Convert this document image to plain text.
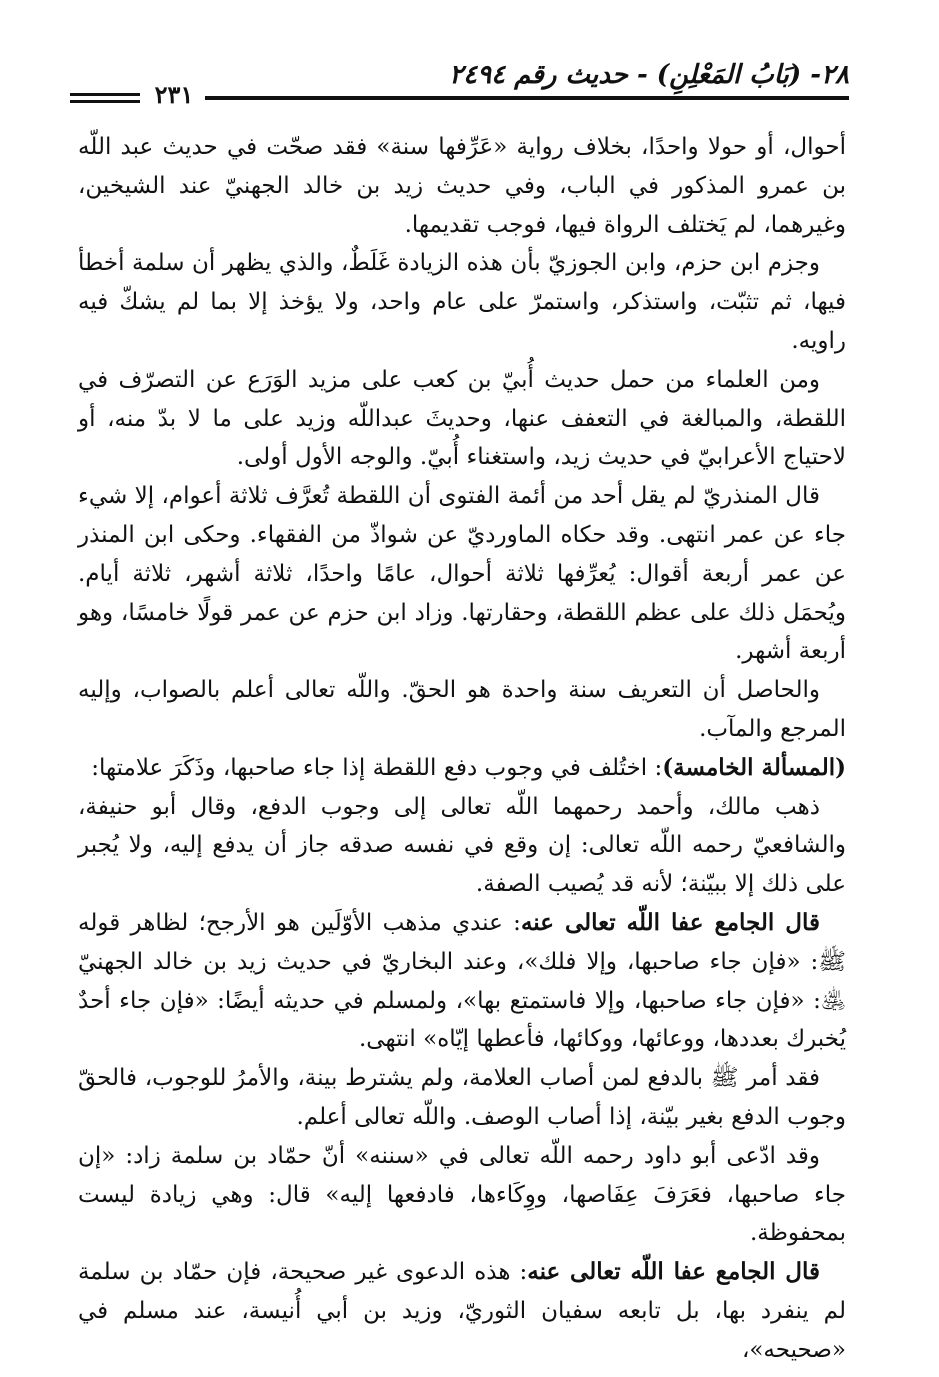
٢٨- (بَابُ المَعْلِنِ) - حديث رقم ٢٤٩٤
٢٣١

أحوال، أو حولا واحدًا، بخلاف رواية «عَرِّفها سنة» فقد صحّت في حديث عبد اللّه بن عمرو المذكور في الباب، وفي حديث زيد بن خالد الجهنيّ عند الشيخين، وغيرهما، لم يَختلف الرواة فيها، فوجب تقديمها.

وجزم ابن حزم، وابن الجوزيّ بأن هذه الزيادة غَلَطٌ، والذي يظهر أن سلمة أخطأ فيها، ثم تثبّت، واستذكر، واستمرّ على عام واحد، ولا يؤخذ إلا بما لم يشكّ فيه راويه.

ومن العلماء من حمل حديث أُبيّ بن كعب على مزيد الوَرَع عن التصرّف في اللقطة، والمبالغة في التعفف عنها، وحديثَ عبداللّه وزيد على ما لا بدّ منه، أو لاحتياج الأعرابيّ في حديث زيد، واستغناء أُبيّ. والوجه الأول أولى.

قال المنذريّ لم يقل أحد من أئمة الفتوى أن اللقطة تُعرَّف ثلاثة أعوام، إلا شيء جاء عن عمر انتهى. وقد حكاه الماورديّ عن شواذّ من الفقهاء. وحكى ابن المنذر عن عمر أربعة أقوال: يُعرِّفها ثلاثة أحوال، عامًا واحدًا، ثلاثة أشهر، ثلاثة أيام. ويُحمَل ذلك على عظم اللقطة، وحقارتها. وزاد ابن حزم عن عمر قولًا خامسًا، وهو أربعة أشهر.

والحاصل أن التعريف سنة واحدة هو الحقّ. واللّه تعالى أعلم بالصواب، وإليه المرجع والمآب.

(المسألة الخامسة): اختُلف في وجوب دفع اللقطة إذا جاء صاحبها، وذَكَرَ علامتها:

ذهب مالك، وأحمد رحمهما اللّه تعالى إلى وجوب الدفع، وقال أبو حنيفة، والشافعيّ رحمه اللّه تعالى: إن وقع في نفسه صدقه جاز أن يدفع إليه، ولا يُجبر على ذلك إلا ببيّنة؛ لأنه قد يُصيب الصفة.

قال الجامع عفا اللّه تعالى عنه: عندي مذهب الأوّلَين هو الأرجح؛ لظاهر قوله ﷺ: «فإن جاء صاحبها، وإلا فلك»، وعند البخاريّ في حديث زيد بن خالد الجهنيّ ﵁: «فإن جاء صاحبها، وإلا فاستمتع بها»، ولمسلم في حديثه أيضًا: «فإن جاء أحدٌ يُخبرك بعددها، ووعائها، ووكائها، فأعطها إيّاه» انتهى.

فقد أمر ﷺ بالدفع لمن أصاب العلامة، ولم يشترط بينة، والأمرُ للوجوب، فالحقّ وجوب الدفع بغير بيّنة، إذا أصاب الوصف. واللّه تعالى أعلم.

وقد ادّعى أبو داود رحمه اللّه تعالى في «سننه» أنّ حمّاد بن سلمة زاد: «إن جاء صاحبها، فعَرَفَ عِفَاصها، ووِكَاءها، فادفعها إليه» قال: وهي زيادة ليست بمحفوظة.

قال الجامع عفا اللّه تعالى عنه: هذه الدعوى غير صحيحة، فإن حمّاد بن سلمة لم ينفرد بها، بل تابعه سفيان الثوريّ، وزيد بن أبي أُنيسة، عند مسلم في «صحيحه»،
